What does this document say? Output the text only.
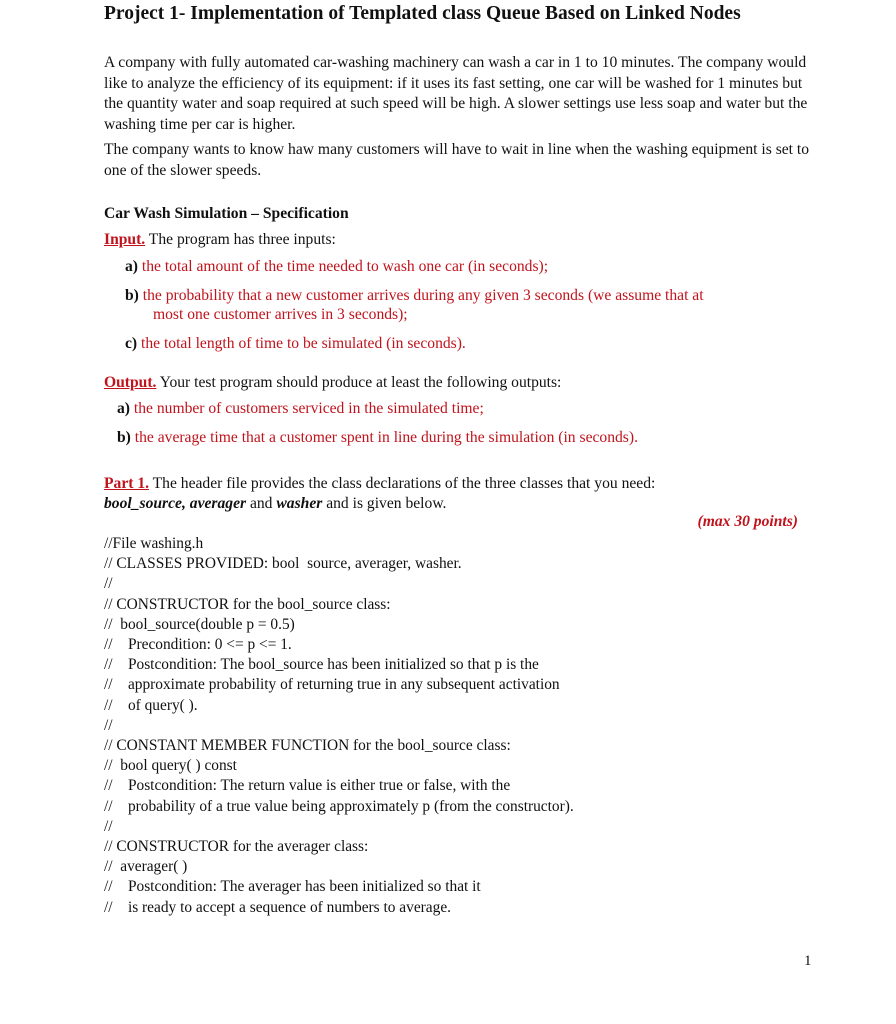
Project 1- Implementation of Templated class Queue Based on Linked Nodes
A company with fully automated car-washing machinery can wash a car in 1 to 10 minutes. The company would like to analyze the efficiency of its equipment: if it uses its fast setting, one car will be washed for 1 minutes but the quantity water and soap required at such speed will be high. A slower settings use less soap and water but the washing time per car is higher.
The company wants to know haw many customers will have to wait in line when the washing equipment is set to one of the slower speeds.
Car Wash Simulation – Specification
Input. The program has three inputs:
a) the total amount of the time needed to wash one car (in seconds);
b) the probability that a new customer arrives during any given 3 seconds (we assume that at
most one customer arrives in 3 seconds);
c) the total length of time to be simulated (in seconds).
Output. Your test program should produce at least the following outputs:
a) the number of customers serviced in the simulated time;
b) the average time that a customer spent in line during the simulation (in seconds).
Part 1. The header file provides the class declarations of the three classes that you need:
bool_source, averager and washer and is given below.
(max 30 points)
//File washing.h
// CLASSES PROVIDED: bool  source, averager, washer.
//
// CONSTRUCTOR for the bool_source class:
//  bool_source(double p = 0.5)
//    Precondition: 0 <= p <= 1.
//    Postcondition: The bool_source has been initialized so that p is the
//    approximate probability of returning true in any subsequent activation
//    of query( ).
//
// CONSTANT MEMBER FUNCTION for the bool_source class:
//  bool query( ) const
//    Postcondition: The return value is either true or false, with the
//    probability of a true value being approximately p (from the constructor).
//
// CONSTRUCTOR for the averager class:
//  averager( )
//    Postcondition: The averager has been initialized so that it
//    is ready to accept a sequence of numbers to average.
1
